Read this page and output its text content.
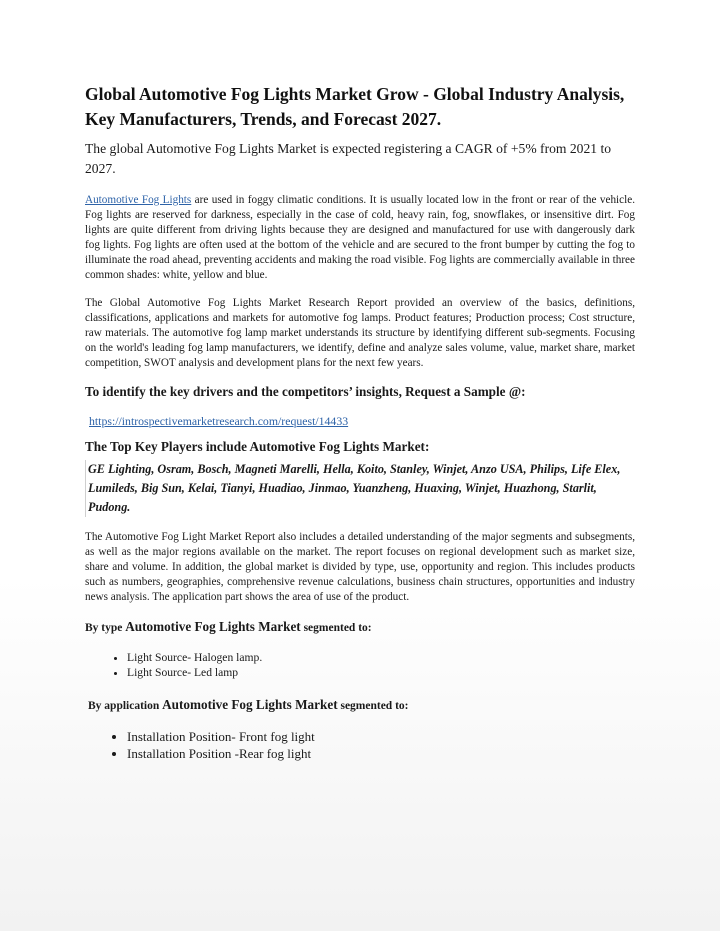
Global Automotive Fog Lights Market Grow - Global Industry Analysis, Key Manufacturers, Trends, and Forecast 2027.

The global Automotive Fog Lights Market is expected registering a CAGR of +5% from 2021 to 2027.

Automotive Fog Lights are used in foggy climatic conditions. It is usually located low in the front or rear of the vehicle. Fog lights are reserved for darkness, especially in the case of cold, heavy rain, fog, snowflakes, or insensitive dirt. Fog lights are quite different from driving lights because they are designed and manufactured for use with dangerously dark fog lights. Fog lights are often used at the bottom of the vehicle and are secured to the front bumper by cutting the fog to illuminate the road ahead, preventing accidents and making the road visible. Fog lights are commercially available in three common shades: white, yellow and blue.

The Global Automotive Fog Lights Market Research Report provided an overview of the basics, definitions, classifications, applications and markets for automotive fog lamps. Product features; Production process; Cost structure, raw materials. The automotive fog lamp market understands its structure by identifying different sub-segments. Focusing on the world's leading fog lamp manufacturers, we identify, define and analyze sales volume, value, market share, market competition, SWOT analysis and development plans for the next few years.

To identify the key drivers and the competitors’ insights, Request a Sample @:
https://introspectivemarketresearch.com/request/14433
The Top Key Players include Automotive Fog Lights Market:
GE Lighting, Osram, Bosch, Magneti Marelli, Hella, Koito, Stanley, Winjet, Anzo USA, Philips, Life Elex, Lumileds, Big Sun, Kelai, Tianyi, Huadiao, Jinmao, Yuanzheng, Huaxing, Winjet, Huazhong, Starlit, Pudong.

The Automotive Fog Light Market Report also includes a detailed understanding of the major segments and subsegments, as well as the major regions available on the market. The report focuses on regional development such as market size, share and volume. In addition, the global market is divided by type, use, opportunity and region. This includes products such as numbers, geographies, comprehensive revenue calculations, business chain structures, opportunities and industry news analysis. The application part shows the area of use of the product.

By type Automotive Fog Lights Market segmented to:
• Light Source- Halogen lamp.
• Light Source- Led lamp
By application Automotive Fog Lights Market segmented to:
• Installation Position- Front fog light
• Installation Position -Rear fog light
